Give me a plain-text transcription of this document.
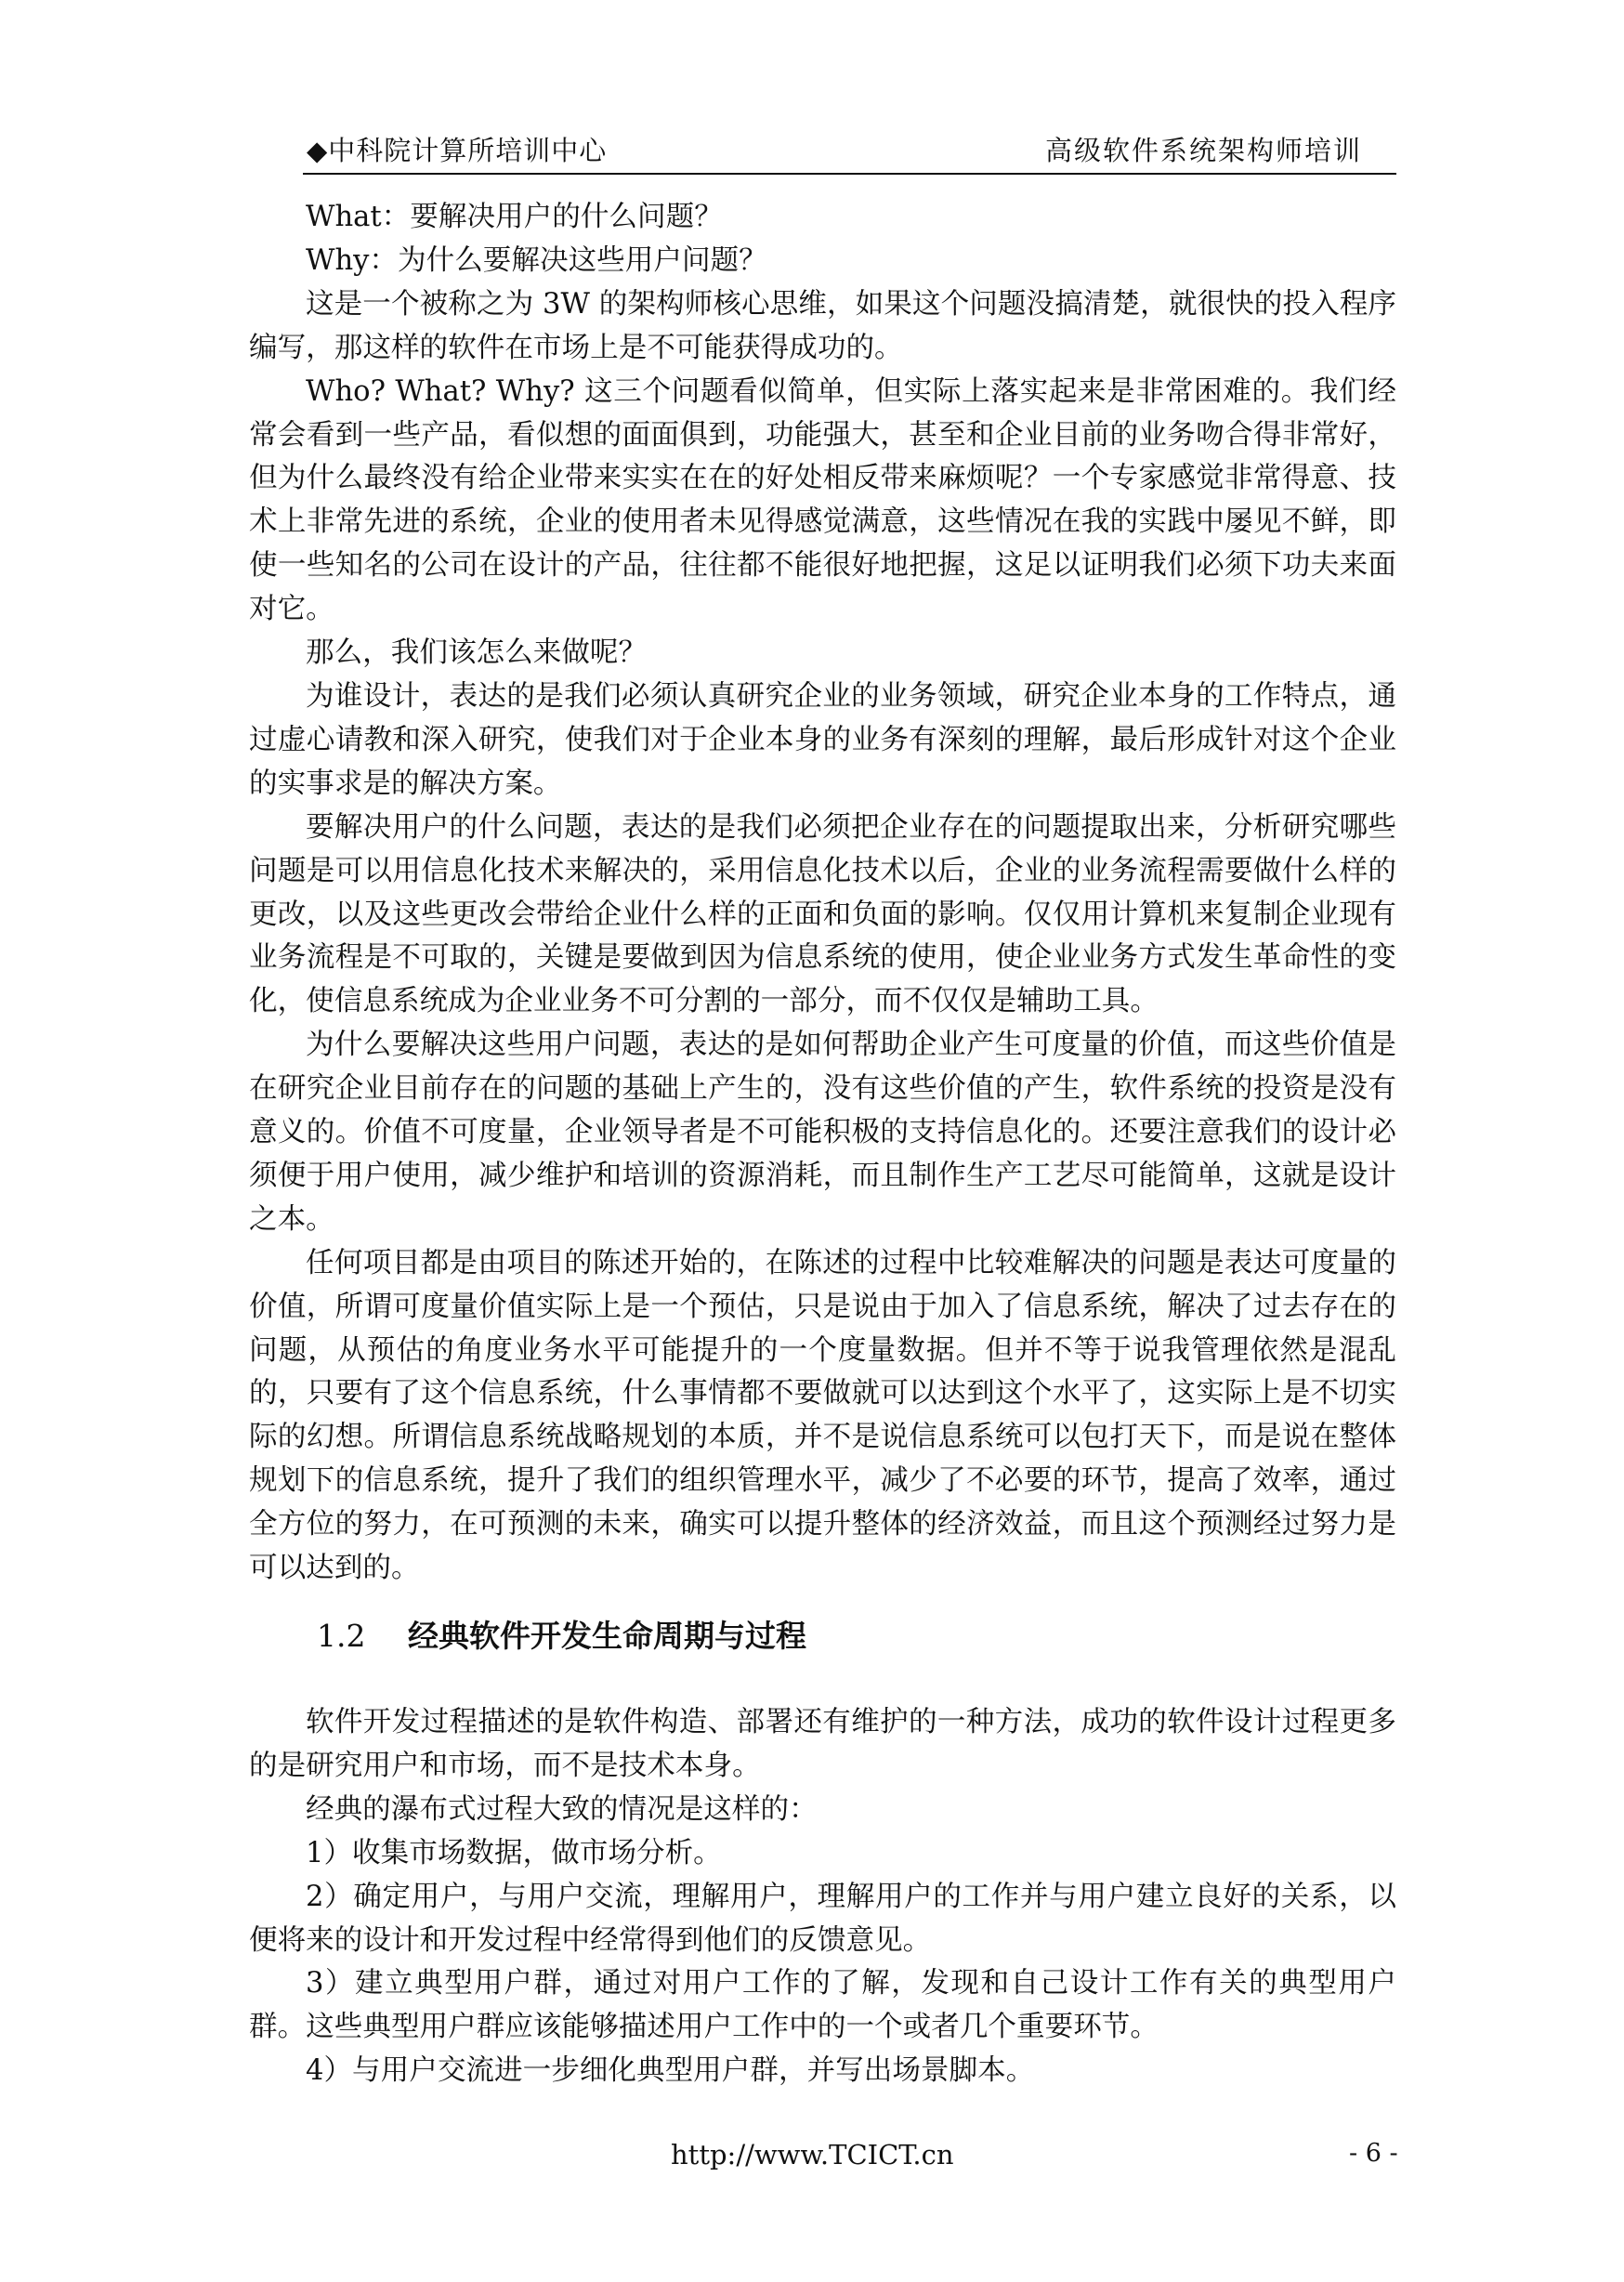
◆中科院计算所培训中心	高级软件系统架构师培训

What：要解决用户的什么问题？

Why：为什么要解决这些用户问题？

这是一个被称之为 3W 的架构师核心思维，如果这个问题没搞清楚，就很快的投入程序编写，那这样的软件在市场上是不可能获得成功的。

Who? What? Why? 这三个问题看似简单，但实际上落实起来是非常困难的。我们经常会看到一些产品，看似想的面面俱到，功能强大，甚至和企业目前的业务吻合得非常好，但为什么最终没有给企业带来实实在在的好处相反带来麻烦呢？一个专家感觉非常得意、技术上非常先进的系统，企业的使用者未见得感觉满意，这些情况在我的实践中屡见不鲜，即使一些知名的公司在设计的产品，往往都不能很好地把握，这足以证明我们必须下功夫来面对它。

那么，我们该怎么来做呢？

为谁设计，表达的是我们必须认真研究企业的业务领域，研究企业本身的工作特点，通过虚心请教和深入研究，使我们对于企业本身的业务有深刻的理解，最后形成针对这个企业的实事求是的解决方案。

要解决用户的什么问题，表达的是我们必须把企业存在的问题提取出来，分析研究哪些问题是可以用信息化技术来解决的，采用信息化技术以后，企业的业务流程需要做什么样的更改，以及这些更改会带给企业什么样的正面和负面的影响。仅仅用计算机来复制企业现有业务流程是不可取的，关键是要做到因为信息系统的使用，使企业业务方式发生革命性的变化，使信息系统成为企业业务不可分割的一部分，而不仅仅是辅助工具。

为什么要解决这些用户问题，表达的是如何帮助企业产生可度量的价值，而这些价值是在研究企业目前存在的问题的基础上产生的，没有这些价值的产生，软件系统的投资是没有意义的。价值不可度量，企业领导者是不可能积极的支持信息化的。还要注意我们的设计必须便于用户使用，减少维护和培训的资源消耗，而且制作生产工艺尽可能简单，这就是设计之本。

任何项目都是由项目的陈述开始的，在陈述的过程中比较难解决的问题是表达可度量的价值，所谓可度量价值实际上是一个预估，只是说由于加入了信息系统，解决了过去存在的问题，从预估的角度业务水平可能提升的一个度量数据。但并不等于说我管理依然是混乱的，只要有了这个信息系统，什么事情都不要做就可以达到这个水平了，这实际上是不切实际的幻想。所谓信息系统战略规划的本质，并不是说信息系统可以包打天下，而是说在整体规划下的信息系统，提升了我们的组织管理水平，减少了不必要的环节，提高了效率，通过全方位的努力，在可预测的未来，确实可以提升整体的经济效益，而且这个预测经过努力是可以达到的。

1.2 经典软件开发生命周期与过程

软件开发过程描述的是软件构造、部署还有维护的一种方法，成功的软件设计过程更多的是研究用户和市场，而不是技术本身。

经典的瀑布式过程大致的情况是这样的：

1）收集市场数据，做市场分析。

2）确定用户，与用户交流，理解用户，理解用户的工作并与用户建立良好的关系，以便将来的设计和开发过程中经常得到他们的反馈意见。

3）建立典型用户群，通过对用户工作的了解，发现和自己设计工作有关的典型用户群。这些典型用户群应该能够描述用户工作中的一个或者几个重要环节。

4）与用户交流进一步细化典型用户群，并写出场景脚本。

http://www.TCICT.cn	- 6 -
